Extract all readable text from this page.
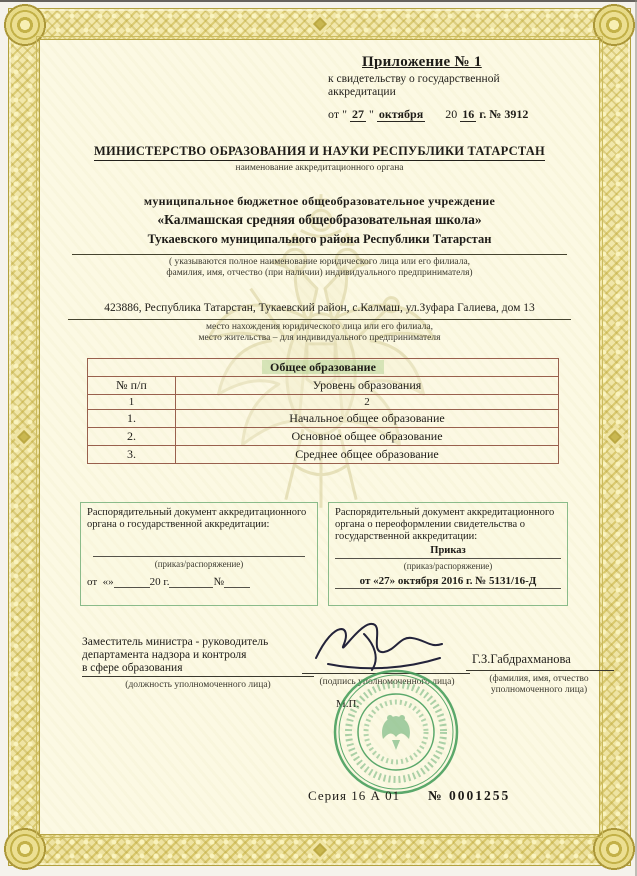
Приложение № 1
к свидетельству о государственной
аккредитации
от " 27 " октября 20 16 г. № 3912
МИНИСТЕРСТВО ОБРАЗОВАНИЯ И НАУКИ РЕСПУБЛИКИ ТАТАРСТАН
наименование аккредитационного органа
муниципальное бюджетное общеобразовательное учреждение
«Калмашская средняя общеобразовательная школа»
Тукаевского муниципального района Республики Татарстан
( указываются полное наименование юридического лица или его филиала,
фамилия, имя, отчество (при наличии) индивидуального предпринимателя)
423886, Республика Татарстан, Тукаевский район, с.Калмаш, ул.Зуфара Галиева, дом 13
место нахождения юридического лица или его филиала,
место жительства – для индивидуального предпринимателя
Общее образование
№ п/п	Уровень образования
1	2
1.	Начальное общее образование
2.	Основное общее образование
3.	Среднее общее образование
Распорядительный документ аккредитационного органа о государственной аккредитации:
(приказ/распоряжение)
от  «»	20 г.	№
Распорядительный документ аккредитационного органа о переоформлении свидетельства о государственной аккредитации:
Приказ
(приказ/распоряжение)
от «27» октября 2016 г. № 5131/16-Д
Заместитель министра - руководитель
департамента надзора и контроля
в сфере образования
(должность уполномоченного лица)	(подпись уполномоченного лица)
М.П.
Г.З.Габдрахманова
(фамилия, имя, отчество
уполномоченного лица)
Серия 16 А 01 № 0001255
